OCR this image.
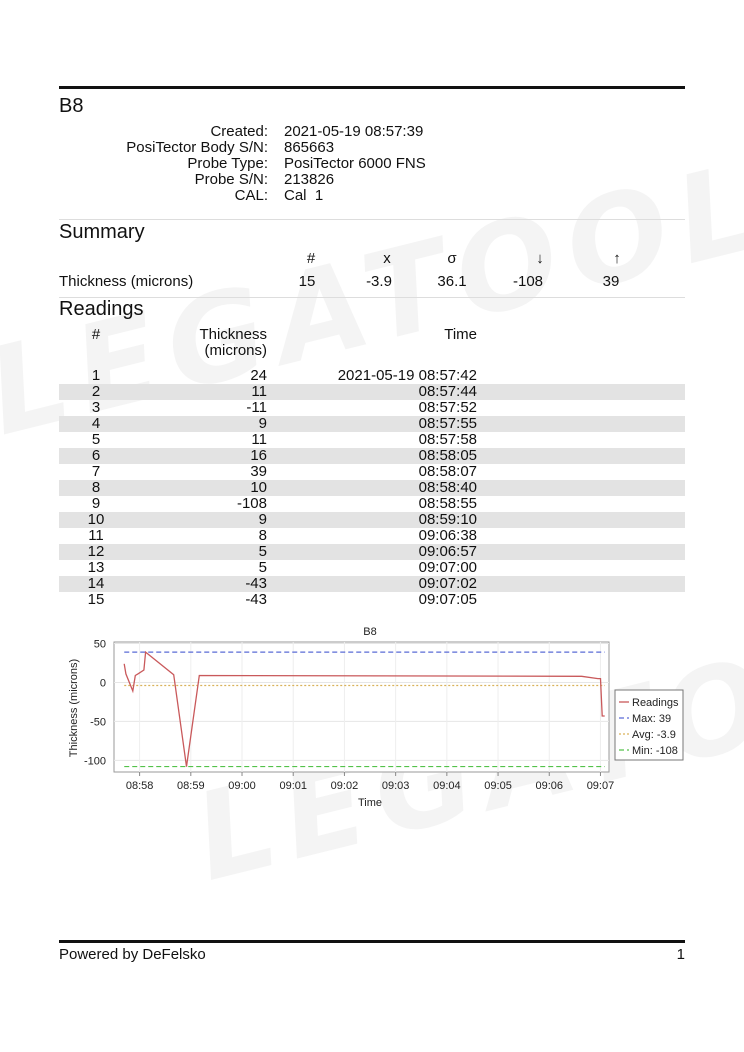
B8
Created: 2021-05-19 08:57:39
PosiTector Body S/N: 865663
Probe Type: PosiTector 6000 FNS
Probe S/N: 213826
CAL: Cal  1
Summary
#	x	σ	↓	↑
Thickness (microns)	15	-3.9	36.1	-108	39
Readings
#	Thickness
(microns)
Time
1	24	2021-05-19 08:57:42
2	11	08:57:44
3	-11	08:57:52
4	9	08:57:55
5	11	08:57:58
6	16	08:58:05
7	39	08:58:07
8	10	08:58:40
9	-108	08:58:55
10	9	08:59:10
11	8	09:06:38
12	5	09:06:57
13	5	09:07:00
14	-43	09:07:02
15	-43	09:07:05
B8
50
0
-50
-100
08:58 08:59 09:00 09:01 09:02 09:03 09:04 09:05 09:06 09:07
Time
Thickness (microns)	Readings
Max: 39
Avg: -3.9
Min: -108
Powered by DeFelsko	1
